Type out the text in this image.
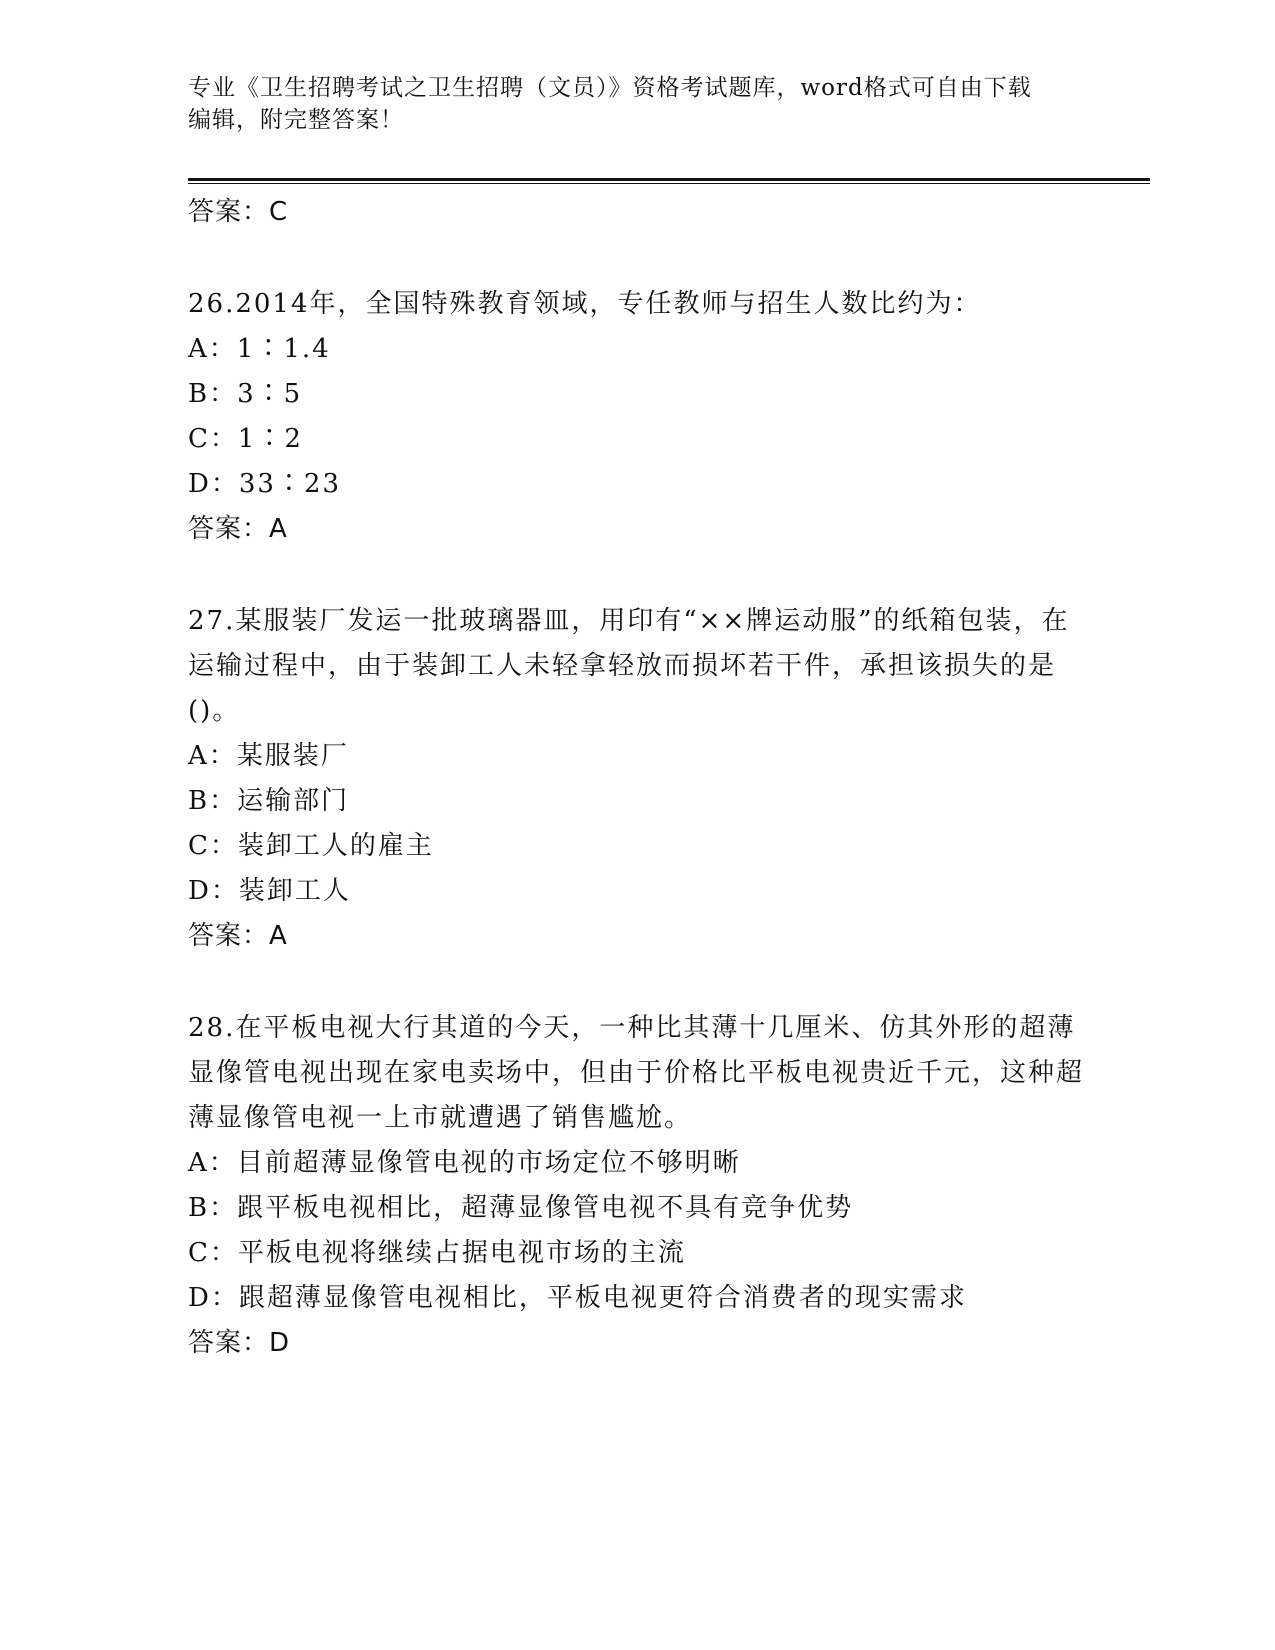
专业《卫生招聘考试之卫生招聘（文员）》资格考试题库，word格式可自由下载
编辑，附完整答案！
答案：C

26.2014年，全国特殊教育领域，专任教师与招生人数比约为：

A：1∶1.4
B：3∶5
C：1∶2
D：33∶23
答案：A

27.某服装厂发运一批玻璃器皿，用印有“××牌运动服”的纸箱包装，在运输过程中，由于装卸工人未轻拿轻放而损坏若干件，承担该损失的是()。

A：某服装厂
B：运输部门
C：装卸工人的雇主
D：装卸工人
答案：A

28.在平板电视大行其道的今天，一种比其薄十几厘米、仿其外形的超薄显像管电视出现在家电卖场中，但由于价格比平板电视贵近千元，这种超薄显像管电视一上市就遭遇了销售尴尬。

A：目前超薄显像管电视的市场定位不够明晰
B：跟平板电视相比，超薄显像管电视不具有竞争优势
C：平板电视将继续占据电视市场的主流
D：跟超薄显像管电视相比，平板电视更符合消费者的现实需求
答案：D
